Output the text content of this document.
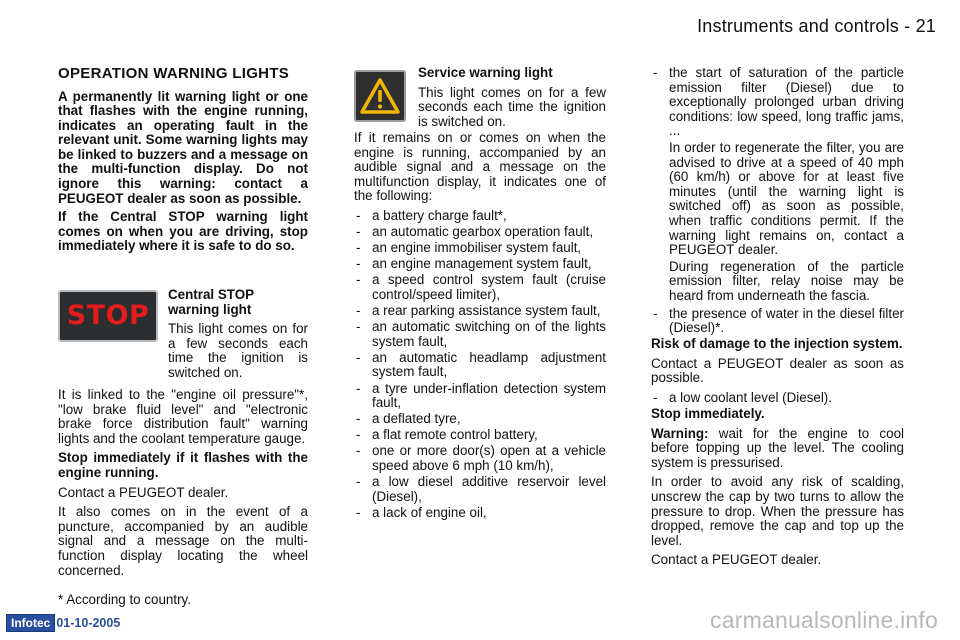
Instruments and controls - 21
OPERATION WARNING LIGHTS

A permanently lit warning light or one that flashes with the engine running, indicates an operating fault in the relevant unit. Some warning lights may be linked to buzzers and a message on the multi-function display. Do not ignore this warning: contact a PEUGEOT dealer as soon as possible.

If the Central STOP warning light comes on when you are driving, stop immediately where it is safe to do so.

STOP
Central STOP warning light

This light comes on for a few seconds each time the ignition is switched on.

It is linked to the "engine oil pressure"*, "low brake fluid level" and "electronic brake force distribution fault" warning lights and the coolant temperature gauge.

Stop immediately if it flashes with the engine running.

Contact a PEUGEOT dealer.

It also comes on in the event of a puncture, accompanied by an audible signal and a message on the multi-function display locating the wheel concerned.

Service warning light

This light comes on for a few seconds each time the ignition is switched on.

If it remains on or comes on when the engine is running, accompanied by an audible signal and a message on the multifunction display, it indicates one of the following:

- a battery charge fault*,
- an automatic gearbox operation fault,
- an engine immobiliser system fault,
- an engine management system fault,
- a speed control system fault (cruise control/speed limiter),
- a rear parking assistance system fault,
- an automatic switching on of the lights system fault,
- an automatic headlamp adjustment system fault,
- a tyre under-inflation detection system fault,
- a deflated tyre,
- a flat remote control battery,
- one or more door(s) open at a vehicle speed above 6 mph (10 km/h),
- a low diesel additive reservoir level (Diesel),
- a lack of engine oil,
- the start of saturation of the particle emission filter (Diesel) due to exceptionally prolonged urban driving conditions: low speed, long traffic jams, ...

In order to regenerate the filter, you are advised to drive at a speed of 40 mph (60 km/h) or above for at least five minutes (until the warning light is switched off) as soon as possible, when traffic conditions permit. If the warning light remains on, contact a PEUGEOT dealer.

During regeneration of the particle emission filter, relay noise may be heard from underneath the fascia.

- the presence of water in the diesel filter (Diesel)*.

Risk of damage to the injection system.

Contact a PEUGEOT dealer as soon as possible.

- a low coolant level (Diesel).

Stop immediately.

Warning: wait for the engine to cool before topping up the level. The cooling system is pressurised.

In order to avoid any risk of scalding, unscrew the cap by two turns to allow the pressure to drop. When the pressure has dropped, remove the cap and top up the level.

Contact a PEUGEOT dealer.

* According to country.
Infotec 01-10-2005	carmanualsonline.info
